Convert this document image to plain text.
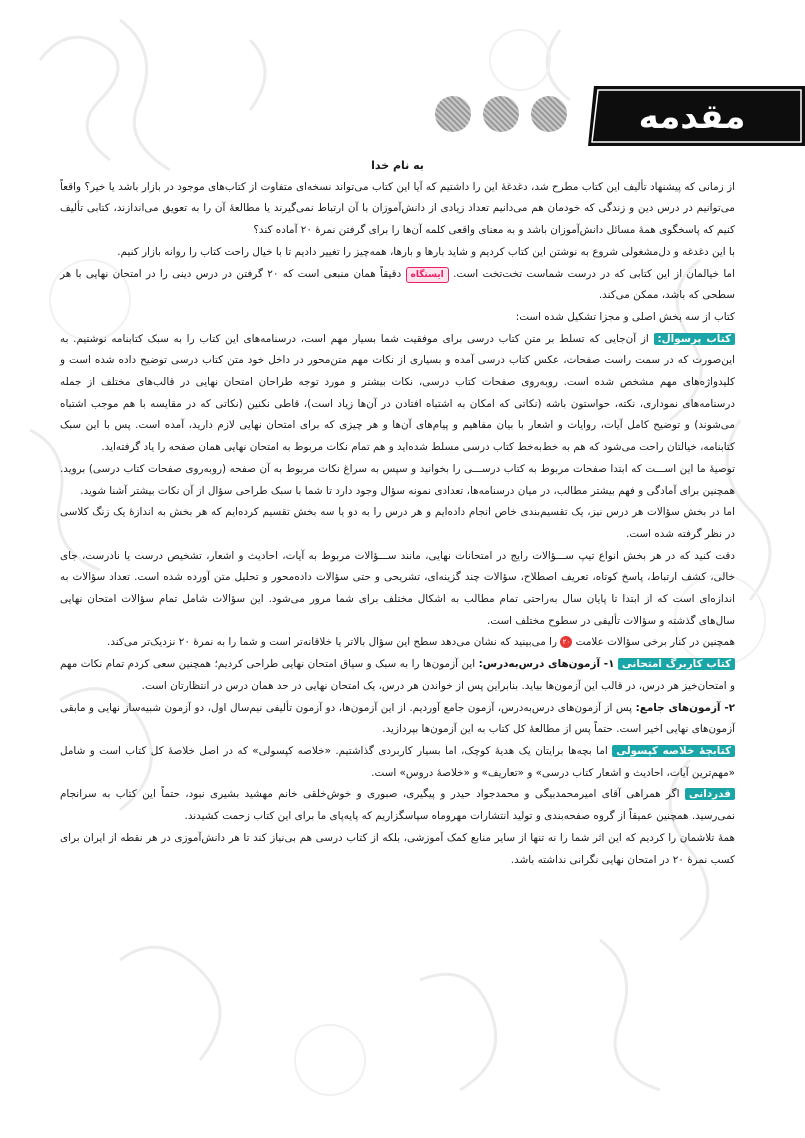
مقدمه

به نام خدا

از زمانی که پیشنهاد تألیف این کتاب مطرح شد، دغدغهٔ این را داشتیم که آیا این کتاب می‌تواند نسخه‌ای متفاوت از کتاب‌های موجود در بازار باشد یا خیر؟ واقعاً می‌توانیم در درس دین و زندگی که خودمان هم می‌دانیم تعداد زیادی از دانش‌آموزان با آن ارتباط نمی‌گیرند یا مطالعهٔ آن را به تعویق می‌اندازند، کتابی تألیف کنیم که پاسخگوی همهٔ مسائل دانش‌آموزان باشد و به معنای واقعی کلمه آن‌ها را برای گرفتن نمرهٔ ۲۰ آماده کند؟

با این دغدغه و دل‌مشغولی شروع به نوشتن این کتاب کردیم و شاید بارها و بارها، همه‌چیز را تغییر دادیم تا با خیال راحت کتاب را روانه بازار کنیم.

اما خیالمان از این کتابی که در درست شماست تخت‌تخت است. ایستگاه دقیقاً همان منبعی است که ۲۰ گرفتن در درس دینی را در امتحان نهایی با هر سطحی که باشد، ممکن می‌کند.

کتاب از سه بخش اصلی و مجزا تشکیل شده است:

کتاب پرسوال: از آن‌جایی که تسلط بر متن کتاب درسی برای موفقیت شما بسیار مهم است، درسنامه‌های این کتاب را به سبک کتابنامه نوشتیم. به این‌صورت که در سمت راست صفحات، عکس کتاب درسی آمده و بسیاری از نکات مهم متن‌محور در داخل خود متن کتاب درسی توضیح داده شده است و کلیدواژه‌های مهم مشخص شده است. روبه‌روی صفحات کتاب درسی، نکات بیشتر و مورد توجه طراحان امتحان نهایی در قالب‌های مختلف از جمله درسنامه‌های نموداری، نکته، حواستون باشه (نکاتی که امکان به اشتباه افتادن در آن‌ها زیاد است)، قاطی نکنین (نکاتی که در مقایسه با هم موجب اشتباه می‌شوند) و توضیح کامل آیات، روایات و اشعار با بیان مفاهیم و پیام‌های آن‌ها و هر چیزی که برای امتحان نهایی لازم دارید، آمده است. پس با این سبک کتابنامه، خیالتان راحت می‌شود که هم به خط‌به‌خط کتاب درسی مسلط شده‌اید و هم تمام نکات مربوط به امتحان نهایی همان صفحه را یاد گرفته‌اید.

توصیهٔ ما این اســـت که ابتدا صفحات مربوط به کتاب درســـی را بخوانید و سپس به سراغ نکات مربوط به آن صفحه (روبه‌روی صفحات کتاب درسی) بروید. همچنین برای آمادگی و فهم بیشتر مطالب، در میان درسنامه‌ها، تعدادی نمونه سؤال وجود دارد تا شما با سبک طراحی سؤال از آن نکات بیشتر آشنا شوید.

اما در بخش سؤالات هر درس نیز، یک تقسیم‌بندی خاص انجام داده‌ایم و هر درس را به دو یا سه بخش تقسیم کرده‌ایم که هر بخش به اندازهٔ یک زنگ کلاسی در نظر گرفته شده است.

دقت کنید که در هر بخش انواع تیپ ســـؤالات رایج در امتحانات نهایی، مانند ســـؤالات مربوط به آیات، احادیث و اشعار، تشخیص درست یا نادرست، جای خالی، کشف ارتباط، پاسخ کوتاه، تعریف اصطلاح، سؤالات چند گزینه‌ای، تشریحی و حتی سؤالات داده‌محور و تحلیل متن آورده شده است. تعداد سؤالات به اندازه‌ای است که از ابتدا تا پایان سال به‌راحتی تمام مطالب به اشکال مختلف برای شما مرور می‌شود. این سؤالات شامل تمام سؤالات امتحان نهایی سال‌های گذشته و سؤالات تألیفی در سطوح مختلف است.

همچنین در کنار برخی سؤالات علامت ۲۰ را می‌بینید که نشان می‌دهد سطح این سؤال بالاتر یا خلاقانه‌تر است و شما را به نمرهٔ ۲۰ نزدیک‌تر می‌کند.

کتاب کاربرگ امتحانی ۱- آزمون‌های درس‌به‌درس: این آزمون‌ها را به سبک و سیاق امتحان نهایی طراحی کردیم؛ همچنین سعی کردم تمام نکات مهم و امتحان‌خیز هر درس، در قالب این آزمون‌ها بیاید. بنابراین پس از خواندن هر درس، یک امتحان نهایی در حد همان درس در انتظارتان است.

۲- آزمون‌های جامع: پس از آزمون‌های درس‌به‌درس، آزمون جامع آوردیم. از این آزمون‌ها، دو آزمون تألیفی نیم‌سال اول، دو آزمون شبیه‌ساز نهایی و مابقی آزمون‌های نهایی اخیر است. حتماً پس از مطالعهٔ کل کتاب به این آزمون‌ها بپردازید.

کتابچهٔ خلاصه کپسولی اما بچه‌ها برایتان یک هدیهٔ کوچک، اما بسیار کاربردی گذاشتیم. «خلاصه کپسولی» که در اصل خلاصهٔ کل کتاب است و شامل «مهم‌ترین آیات، احادیث و اشعار کتاب درسی» و «تعاریف» و «خلاصهٔ دروس» است.

قدردانی اگر همراهی آقای امیرمحمدبیگی و محمدجواد حیدر و پیگیری، صبوری و خوش‌خلقی خانم مهشید بشیری نبود، حتماً این کتاب به سرانجام نمی‌رسید. همچنین عمیقاً از گروه صفحه‌بندی و تولید انتشارات مهروماه سپاسگزاریم که پایه‌پای ما برای این کتاب زحمت کشیدند.

همهٔ تلاشمان را کردیم که این اثر شما را نه تنها از سایر منابع کمک آموزشی، بلکه از کتاب درسی هم بی‌نیاز کند تا هر دانش‌آموزی در هر نقطه از ایران برای کسب نمرهٔ ۲۰ در امتحان نهایی نگرانی نداشته باشد.
